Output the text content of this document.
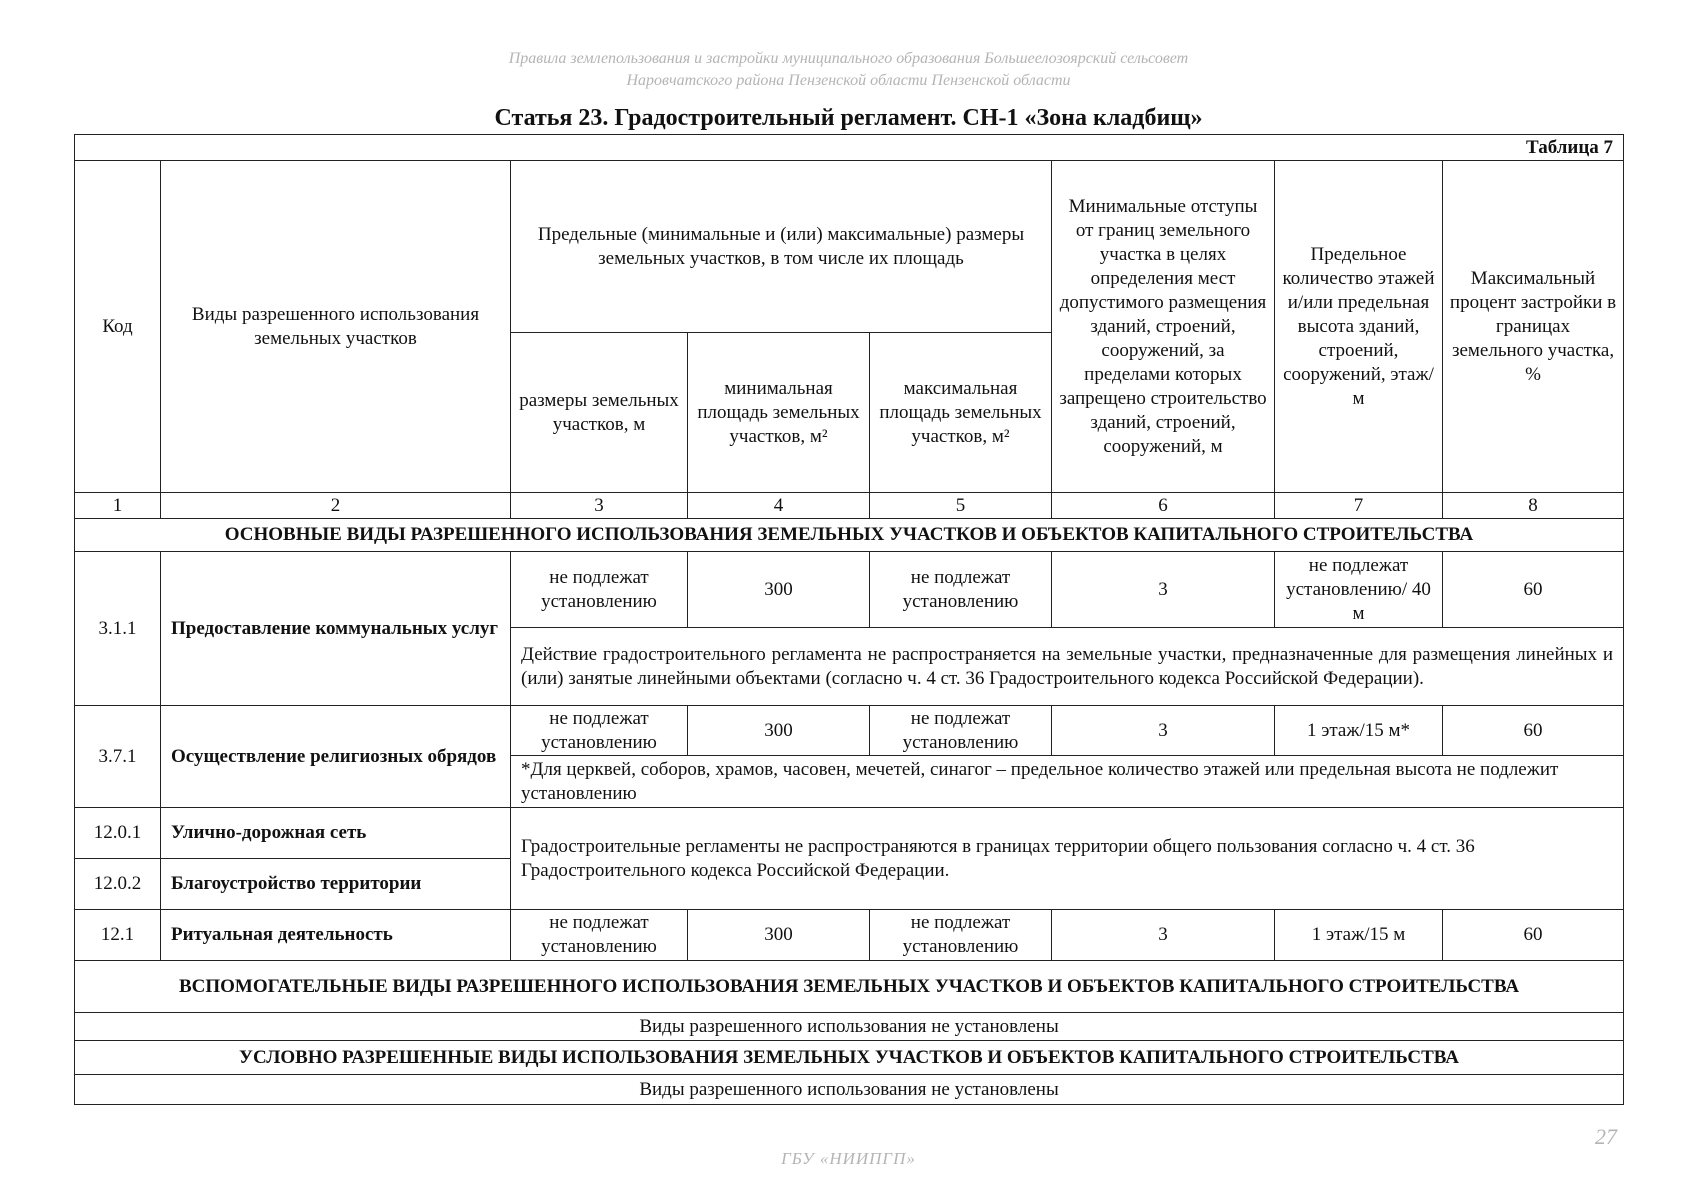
Правила землепользования и застройки муниципального образования Большеелозоярский сельсовет
Наровчатского района Пензенской области Пензенской области
Статья 23. Градостроительный регламент. СН-1 «Зона кладбищ»
Таблица 7							
Код	Виды разрешенного использования земельных участков	Предельные (минимальные и (или) максимальные) размеры земельных участков, в том числе их площадь			Минимальные отступы от границ земельного участка в целях определения мест допустимого размещения зданий, строений, сооружений, за пределами которых запрещено строительство зданий, строений, сооружений, м	Предельное количество этажей и/или предельная высота зданий, строений, сооружений, этаж/м	Максимальный процент застройки в границах земельного участка, %
		размеры земельных участков, м	минимальная площадь земельных участков, м²	максимальная площадь земельных участков, м²			
1	2	3	4	5	6	7	8
ОСНОВНЫЕ ВИДЫ РАЗРЕШЕННОГО ИСПОЛЬЗОВАНИЯ ЗЕМЕЛЬНЫХ УЧАСТКОВ И ОБЪЕКТОВ КАПИТАЛЬНОГО СТРОИТЕЛЬСТВА							
3.1.1	Предоставление коммунальных услуг	не подлежат установлению	300	не подлежат установлению	3	не подлежат установлению/ 40 м	60
		Действие градостроительного регламента не распространяется на земельные участки, предназначенные для размещения линейных и (или) занятые линейными объектами (согласно ч. 4 ст. 36 Градостроительного кодекса Российской Федерации).					
3.7.1	Осуществление религиозных обрядов	не подлежат установлению	300	не подлежат установлению	3	1 этаж/15 м*	60
		*Для церквей, соборов, храмов, часовен, мечетей, синагог – предельное количество этажей или предельная высота не подлежит установлению					
12.0.1	Улично-дорожная сеть	Градостроительные регламенты не распространяются в границах территории общего пользования согласно ч. 4 ст. 36 Градостроительного кодекса Российской Федерации.					
12.0.2	Благоустройство территории						
12.1	Ритуальная деятельность	не подлежат установлению	300	не подлежат установлению	3	1 этаж/15 м	60
ВСПОМОГАТЕЛЬНЫЕ ВИДЫ РАЗРЕШЕННОГО ИСПОЛЬЗОВАНИЯ ЗЕМЕЛЬНЫХ УЧАСТКОВ И ОБЪЕКТОВ КАПИТАЛЬНОГО СТРОИТЕЛЬСТВА							
Виды разрешенного использования не установлены							
УСЛОВНО РАЗРЕШЕННЫЕ ВИДЫ ИСПОЛЬЗОВАНИЯ ЗЕМЕЛЬНЫХ УЧАСТКОВ И ОБЪЕКТОВ КАПИТАЛЬНОГО СТРОИТЕЛЬСТВА							
Виды разрешенного использования не установлены							
27
ГБУ «НИИПГП»
